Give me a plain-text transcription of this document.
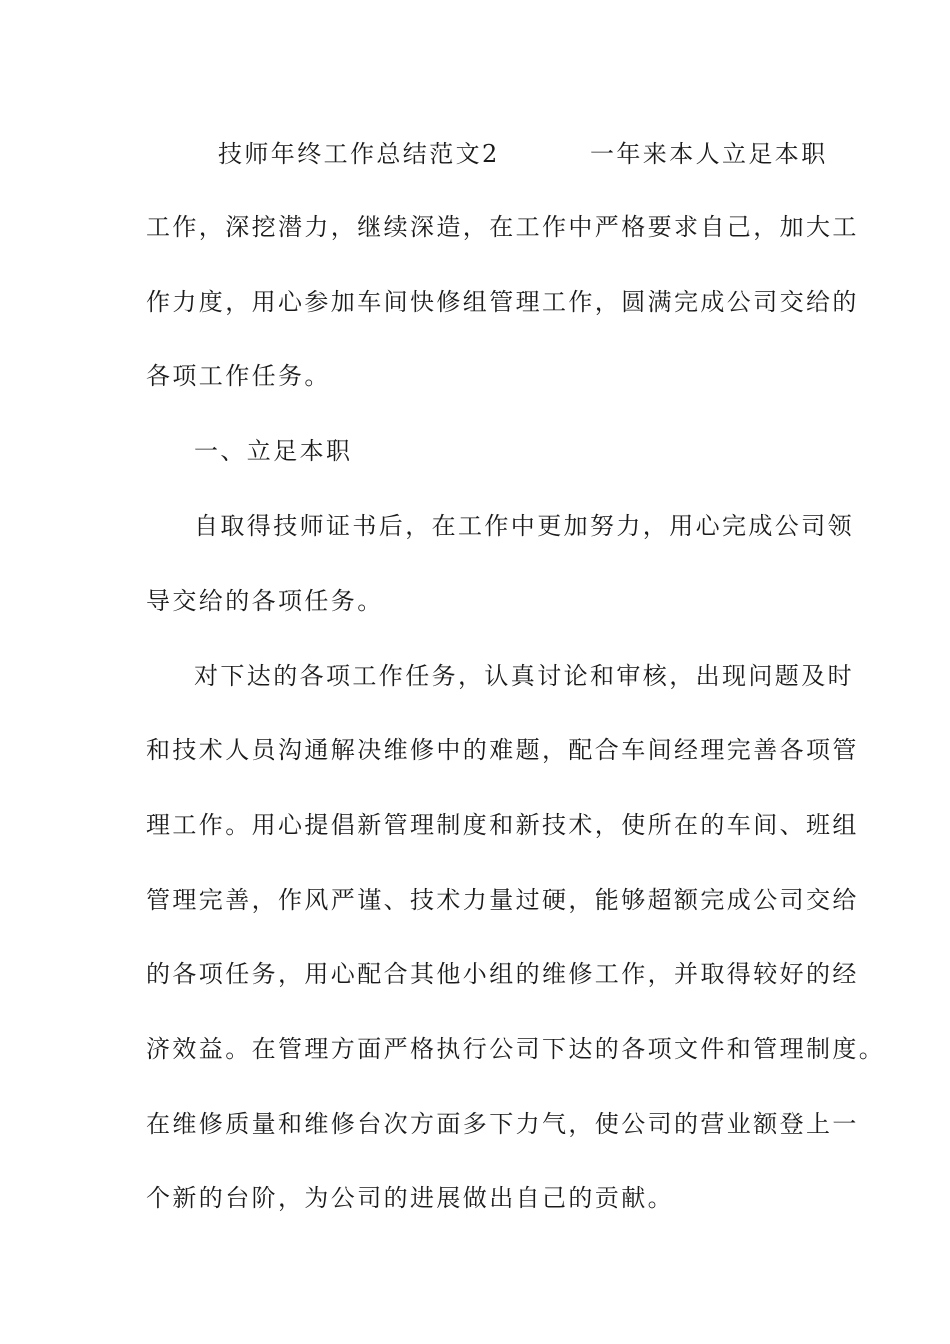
技师年终工作总结范文2	一年来本人立足本职
工作，深挖潜力，继续深造，在工作中严格要求自己，加大工
作力度，用心参加车间快修组管理工作，圆满完成公司交给的
各项工作任务。
一、立足本职
自取得技师证书后，在工作中更加努力，用心完成公司领
导交给的各项任务。
对下达的各项工作任务，认真讨论和审核，出现问题及时
和技术人员沟通解决维修中的难题，配合车间经理完善各项管
理工作。用心提倡新管理制度和新技术，使所在的车间、班组
管理完善，作风严谨、技术力量过硬，能够超额完成公司交给
的各项任务，用心配合其他小组的维修工作，并取得较好的经
济效益。在管理方面严格执行公司下达的各项文件和管理制度。
在维修质量和维修台次方面多下力气，使公司的营业额登上一
个新的台阶，为公司的进展做出自己的贡献。
